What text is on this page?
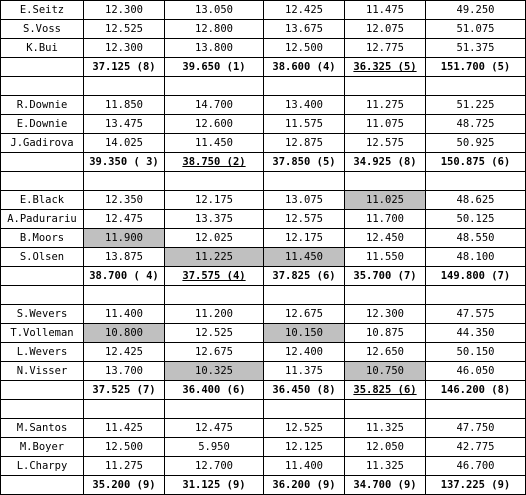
E.Seitz	12.300	13.050	12.425	11.475	49.250
S.Voss	12.525	12.800	13.675	12.075	51.075
K.Bui	12.300	13.800	12.500	12.775	51.375
	37.125 (8)	39.650 (1)	38.600 (4)	36.325 (5)	151.700 (5)

R.Downie	11.850	14.700	13.400	11.275	51.225
E.Downie	13.475	12.600	11.575	11.075	48.725
J.Gadirova	14.025	11.450	12.875	12.575	50.925
	39.350 ( 3)	38.750 (2)	37.850 (5)	34.925 (8)	150.875 (6)

E.Black	12.350	12.175	13.075	11.025	48.625
A.Padurariu	12.475	13.375	12.575	11.700	50.125
B.Moors	11.900	12.025	12.175	12.450	48.550
S.Olsen	13.875	11.225	11.450	11.550	48.100
	38.700 ( 4)	37.575 (4)	37.825 (6)	35.700 (7)	149.800 (7)

S.Wevers	11.400	11.200	12.675	12.300	47.575
T.Volleman	10.800	12.525	10.150	10.875	44.350
L.Wevers	12.425	12.675	12.400	12.650	50.150
N.Visser	13.700	10.325	11.375	10.750	46.050
	37.525 (7)	36.400 (6)	36.450 (8)	35.825 (6)	146.200 (8)

M.Santos	11.425	12.475	12.525	11.325	47.750
M.Boyer	12.500	5.950	12.125	12.050	42.775
L.Charpy	11.275	12.700	11.400	11.325	46.700
	35.200 (9)	31.125 (9)	36.200 (9)	34.700 (9)	137.225 (9)
